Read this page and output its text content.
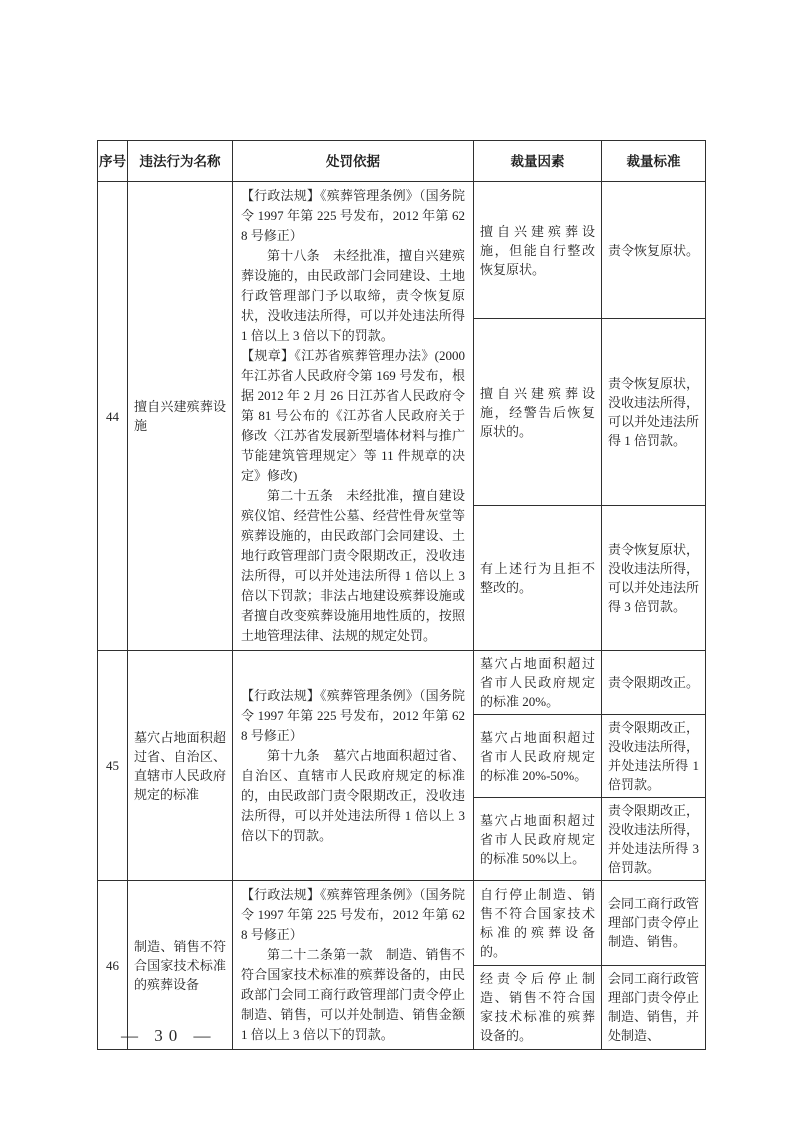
序号	违法行为名称	处罚依据	裁量因素	裁量标准
44	擅自兴建殡葬设施	【行政法规】《殡葬管理条例》（国务院令 1997 年第 225 号发布，2012 年第 628 号修正）

第十八条　未经批准，擅自兴建殡葬设施的，由民政部门会同建设、土地行政管理部门予以取缔，责令恢复原状，没收违法所得，可以并处违法所得 1 倍以上 3 倍以下的罚款。

【规章】《江苏省殡葬管理办法》(2000 年江苏省人民政府令第 169 号发布，根据 2012 年 2 月 26 日江苏省人民政府令第 81 号公布的《江苏省人民政府关于修改〈江苏省发展新型墙体材料与推广节能建筑管理规定〉等 11 件规章的决定》修改)

第二十五条　未经批准，擅自建设殡仪馆、经营性公墓、经营性骨灰堂等殡葬设施的，由民政部门会同建设、土地行政管理部门责令限期改正，没收违法所得，可以并处违法所得 1 倍以上 3 倍以下罚款；非法占地建设殡葬设施或者擅自改变殡葬设施用地性质的，按照土地管理法律、法规的规定处罚。	擅自兴建殡葬设施，但能自行整改恢复原状。	责令恢复原状。
			擅自兴建殡葬设施，经警告后恢复原状的。	责令恢复原状，没收违法所得，可以并处违法所得 1 倍罚款。
			有上述行为且拒不整改的。	责令恢复原状，没收违法所得，可以并处违法所得 3 倍罚款。
45	墓穴占地面积超过省、自治区、直辖市人民政府规定的标准	【行政法规】《殡葬管理条例》（国务院令 1997 年第 225 号发布，2012 年第 628 号修正）

第十九条　墓穴占地面积超过省、自治区、直辖市人民政府规定的标准的，由民政部门责令限期改正，没收违法所得，可以并处违法所得 1 倍以上 3 倍以下的罚款。	墓穴占地面积超过省市人民政府规定的标准 20%。	责令限期改正。
			墓穴占地面积超过省市人民政府规定的标准 20%-50%。	责令限期改正，没收违法所得，并处违法所得 1 倍罚款。
			墓穴占地面积超过省市人民政府规定的标准 50%以上。	责令限期改正，没收违法所得，并处违法所得 3 倍罚款。
46	制造、销售不符合国家技术标准的殡葬设备	【行政法规】《殡葬管理条例》（国务院令 1997 年第 225 号发布，2012 年第 628 号修正）

第二十二条第一款　制造、销售不符合国家技术标准的殡葬设备的，由民政部门会同工商行政管理部门责令停止制造、销售，可以并处制造、销售金额 1 倍以上 3 倍以下的罚款。	自行停止制造、销售不符合国家技术标准的殡葬设备的。	会同工商行政管理部门责令停止制造、销售。
			经责令后停止制造、销售不符合国家技术标准的殡葬设备的。	会同工商行政管理部门责令停止制造、销售，并处制造、
— 30 —
